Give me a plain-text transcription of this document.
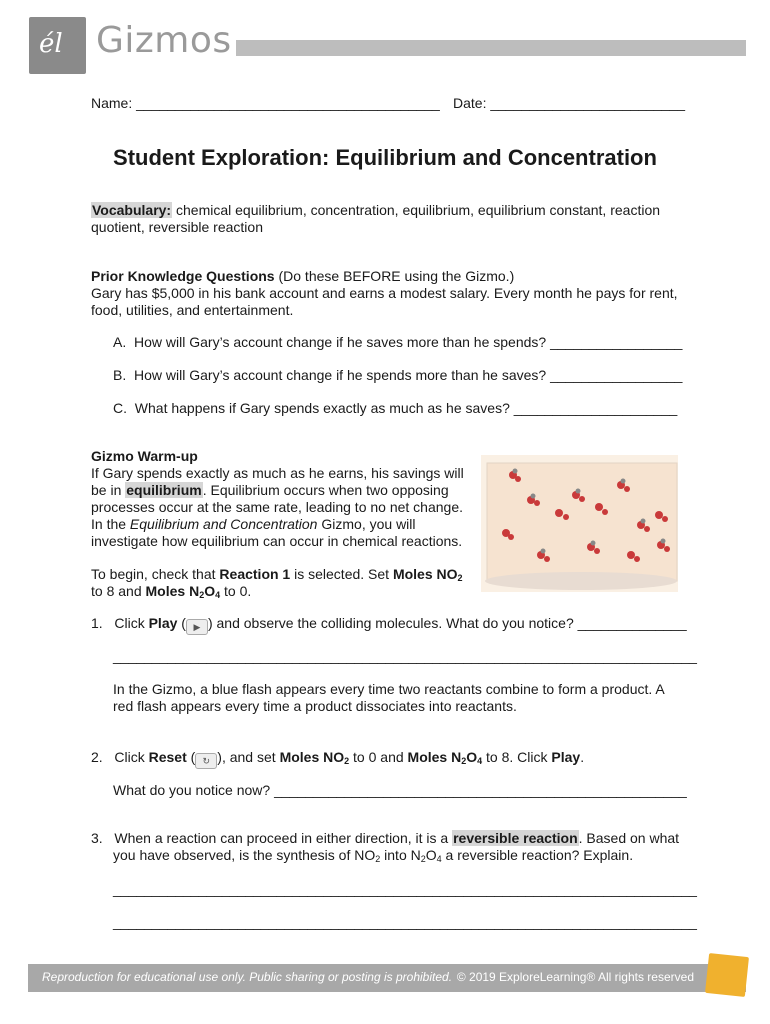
él Gizmos
Name: _______________________________________ Date: _________________________
Student Exploration: Equilibrium and Concentration
Vocabulary: chemical equilibrium, concentration, equilibrium, equilibrium constant, reaction
quotient, reversible reaction
Prior Knowledge Questions (Do these BEFORE using the Gizmo.)
Gary has $5,000 in his bank account and earns a modest salary. Every month he pays for rent,
food, utilities, and entertainment.
A. How will Gary’s account change if he saves more than he spends? _________________
B. How will Gary’s account change if he spends more than he saves? _________________
C. What happens if Gary spends exactly as much as he saves? _____________________
Gizmo Warm-up
If Gary spends exactly as much as he earns, his savings will
be in equilibrium. Equilibrium occurs when two opposing
processes occur at the same rate, leading to no net change.
In the Equilibrium and Concentration Gizmo, you will
investigate how equilibrium can occur in chemical reactions.
To begin, check that Reaction 1 is selected. Set Moles $NO_2$
to 8 and Moles $N_2O_4$ to 0.
1. Click Play ( ▶ ) and observe the colliding molecules. What do you notice? ______________
___________________________________________________________________________
In the Gizmo, a blue flash appears every time two reactants combine to form a product. A
red flash appears every time a product dissociates into reactants.
2. Click Reset ( ↻ ), and set Moles $NO_2$ to 0 and Moles $N_2O_4$ to 8. Click Play.
What do you notice now? _____________________________________________________
3. When a reaction can proceed in either direction, it is a reversible reaction. Based on what
you have observed, is the synthesis of $NO_2$ into $N_2O_4$ a reversible reaction? Explain.
___________________________________________________________________________
___________________________________________________________________________
Reproduction for educational use only. Public sharing or posting is prohibited. © 2019 ExploreLearning® All rights reserved
